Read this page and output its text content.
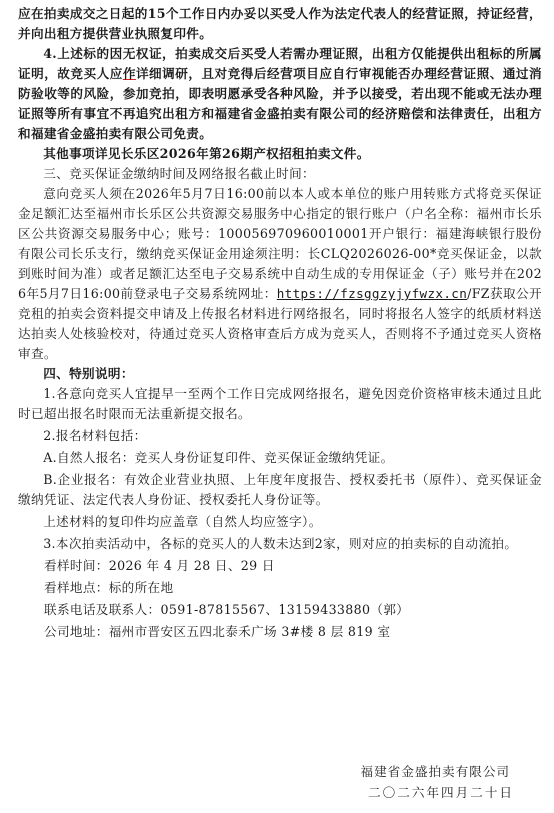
应在拍卖成交之日起的15个工作日内办妥以买受人作为法定代表人的经营证照，持证经营，并向出租方提供营业执照复印件。

4.上述标的因无权证，拍卖成交后买受人若需办理证照，出租方仅能提供出租标的所属证明，故竞买人应作详细调研，且对竞得后经营项目应自行审视能否办理经营证照、通过消防验收等的风险，参加竞拍，即表明愿承受各种风险，并予以接受，若出现不能或无法办理证照等所有事宜不再追究出租方和福建省金盛拍卖有限公司的经济赔偿和法律责任，出租方和福建省金盛拍卖有限公司免责。

其他事项详见长乐区2026年第26期产权招租拍卖文件。

三、竞买保证金缴纳时间及网络报名截止时间：

意向竞买人须在2026年5月7日16:00前以本人或本单位的账户用转账方式将竞买保证金足额汇达至福州市长乐区公共资源交易服务中心指定的银行账户（户名全称：福州市长乐区公共资源交易服务中心；账号：100056970960010001开户银行：福建海峡银行股份有限公司长乐支行，缴纳竞买保证金用途须注明：长CLQ2026026-00*竞买保证金，以款到账时间为准）或者足额汇达至电子交易系统中自动生成的专用保证金（子）账号并在2026年5月7日16:00前登录电子交易系统网址：https://fzsggzyjyfwzx.cn/FZ获取公开竞租的拍卖会资料提交申请及上传报名材料进行网络报名，同时将报名人签字的纸质材料送达拍卖人处核验校对，待通过竞买人资格审查后方成为竞买人，否则将不予通过竞买人资格审查。

四、特别说明：

1.各意向竞买人宜提早一至两个工作日完成网络报名，避免因竞价资格审核未通过且此时已超出报名时限而无法重新提交报名。

2.报名材料包括：

A.自然人报名：竞买人身份证复印件、竞买保证金缴纳凭证。

B.企业报名：有效企业营业执照、上年度年度报告、授权委托书（原件）、竞买保证金缴纳凭证、法定代表人身份证、授权委托人身份证等。

上述材料的复印件均应盖章（自然人均应签字）。

3.本次拍卖活动中，各标的竞买人的人数未达到2家，则对应的拍卖标的自动流拍。

看样时间：2026 年 4 月 28 日、29 日

看样地点：标的所在地

联系电话及联系人：0591-87815567、13159433880（郭）

公司地址：福州市晋安区五四北泰禾广场 3#楼 8 层 819 室

福建省金盛拍卖有限公司
二〇二六年四月二十日
